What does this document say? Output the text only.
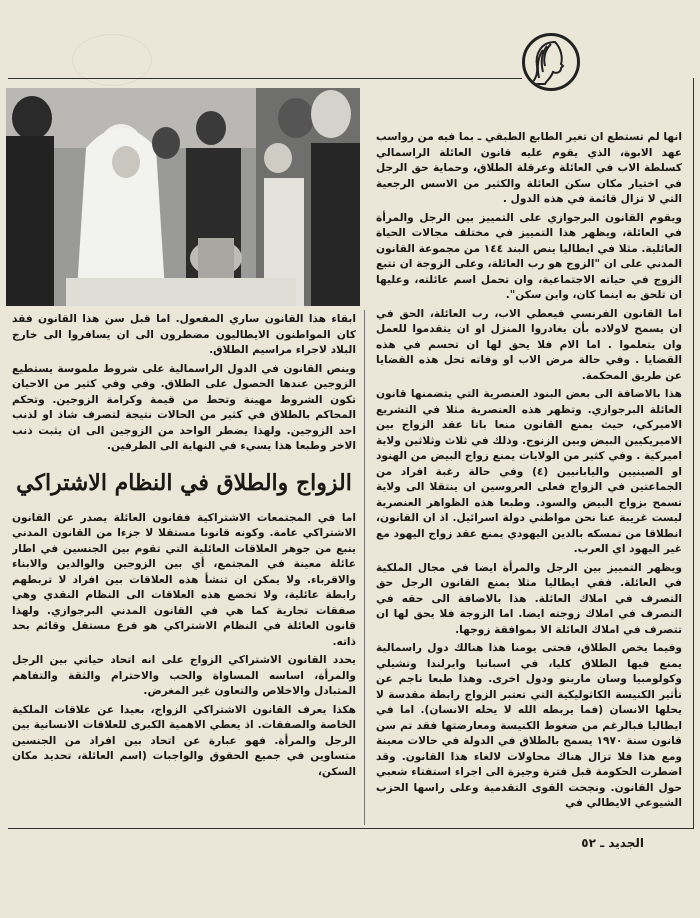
انها لم تستطع ان تغير الطابع الطبقي ـ بما فيه من رواسب عهد الابوة، الذي يقوم عليه قانون العائلة الراسمالي كسلطة الاب في العائلة وعرقلة الطلاق، وحماية حق الرجل في اختيار مكان سكن العائلة والكثير من الاسس الرجعية التي لا تزال قائمة في هذه الدول .

ويقوم القانون البرجوازي على التمييز بين الرجل والمرأة في العائلة، ويظهر هذا التمييز في مختلف مجالات الحياة العائلية. مثلا في ايطاليا ينص البند ١٤٤ من مجموعة القانون المدني على ان "الزوج هو رب العائلة، وعلى الزوجة ان تتبع الزوج في حياته الاجتماعية، وان تحمل اسم عائلته، وعليها ان تلحق به اينما كان، واين سكن".

اما القانون الفرنسي فيعطي الاب، رب العائلة، الحق في ان يسمح لاولاده بأن يغادروا المنزل او ان يتقدموا للعمل وان يتعلموا . اما الام فلا يحق لها ان تحسم في هذه القضايا . وفي حالة مرض الاب او وفاته تحل هذه القضايا عن طريق المحكمة.

هذا بالاضافة الى بعض البنود العنصرية التي يتضمنها قانون العائلة البرجوازي. وتظهر هذه العنصرية مثلا في التشريع الاميركي، حيث يمنع القانون منعا باتا عقد الزواج بين الاميريكيين البيض وبين الزنوج. وذلك في ثلاث وثلاثين ولاية اميركية . وفي كثير من الولايات يمنع زواج البيض من الهنود او الصينيين واليابانيين (٤) وفي حالة رغبة افراد من الجماعتين في الزواج فعلى العروسين ان ينتقلا الى ولاية تسمح بزواج البيض والسود. وطبعا هذه الظواهر العنصرية ليست غريبة عنا نحن مواطني دولة اسرائيل. اذ ان القانون، انطلاقا من تمسكه بالدين اليهودي يمنع عقد زواج اليهود مع غير اليهود اي العرب.

ويظهر التمييز بين الرجل والمرأة ايضا في مجال الملكية في العائلة. ففي ايطاليا مثلا يمنع القانون الرجل حق التصرف في املاك العائلة. هذا بالاضافة الى حقه في التصرف في املاك زوجته ايضا. اما الزوجة فلا يحق لها ان تتصرف في املاك العائلة الا بموافقة زوجها.

وفيما يخص الطلاق، فحتى يومنا هذا هنالك دول راسمالية يمنع فيها الطلاق كليا، في اسبانيا وايرلندا وتشيلي وكولومبيا وسان مارينو ودول اخرى. وهذا طبعا ناجم عن تأثير الكنيسة الكاثوليكية التي تعتبر الزواج رابطة مقدسة لا يحلها الانسان (فما يربطه الله لا يحله الانسان). اما في ايطاليا فبالرغم من ضغوط الكنيسة ومعارضتها فقد تم سن قانون سنة ١٩٧٠ يسمح بالطلاق في الدولة في حالات معينة ومع هذا فلا تزال هناك محاولات لالغاء هذا القانون. وقد اضطرت الحكومة قبل فترة وجيزة الى اجراء استفتاء شعبي حول القانون. ونجحت القوى التقدمية وعلى راسها الحزب الشيوعي الايطالي في

ابقاء هذا القانون ساري المفعول. اما قبل سن هذا القانون فقد كان المواطنون الايطاليون مضطرون الى ان يسافروا الى خارج البلاد لاجراء مراسيم الطلاق.

وينص القانون في الدول الراسمالية على شروط ملموسة يستطيع الزوجين عندها الحصول على الطلاق. وفي وفي كثير من الاحيان تكون الشروط مهينة وتحط من قيمة وكرامة الزوجين. وتحكم المحاكم بالطلاق في كثير من الحالات نتيجة لتصرف شاذ او لذنب احد الزوجين. ولهذا يضطر الواحد من الزوجين الى ان يثبت ذنب الاخر وطبعا هذا يسيء في النهاية الى الطرفين.

الزواج والطلاق في النظام الاشتراكي

اما في المجتمعات الاشتراكية فقانون العائلة يصدر عن القانون الاشتراكي عامة. وكونه قانونا مستقلا لا جزءا من القانون المدني ينبع من جوهر العلاقات العائلية التي تقوم بين الجنسين في اطار عائلة معينة في المجتمع، أي بين الزوجين والوالدين والابناء والاقرباء. ولا يمكن ان تنشأ هذه العلاقات بين افراد لا تربطهم رابطة عائلية، ولا تخضع هذه العلاقات الى النظام النقدي وهي صفقات تجارية كما هي في القانون المدني البرجوازي. ولهذا قانون العائلة في النظام الاشتراكي هو فرع مستقل وقائم بحد ذاته.

يحدد القانون الاشتراكي الزواج على انه اتحاد حياتي بين الرجل والمرأة، اساسه المساواة والحب والاحترام والثقة والتفاهم المتبادل والاخلاص والتعاون غير المغرض.

هكذا يعرف القانون الاشتراكي الزواج، بعيدا عن علاقات الملكية الخاصة والصفقات. اذ يعطي الاهمية الكبرى للعلاقات الانسانية بين الرجل والمرأة. فهو عبارة عن اتحاد بين افراد من الجنسين متساوين في جميع الحقوق والواجبات (اسم العائلة، تحديد مكان السكن،

الجديد ـ ٥٢
